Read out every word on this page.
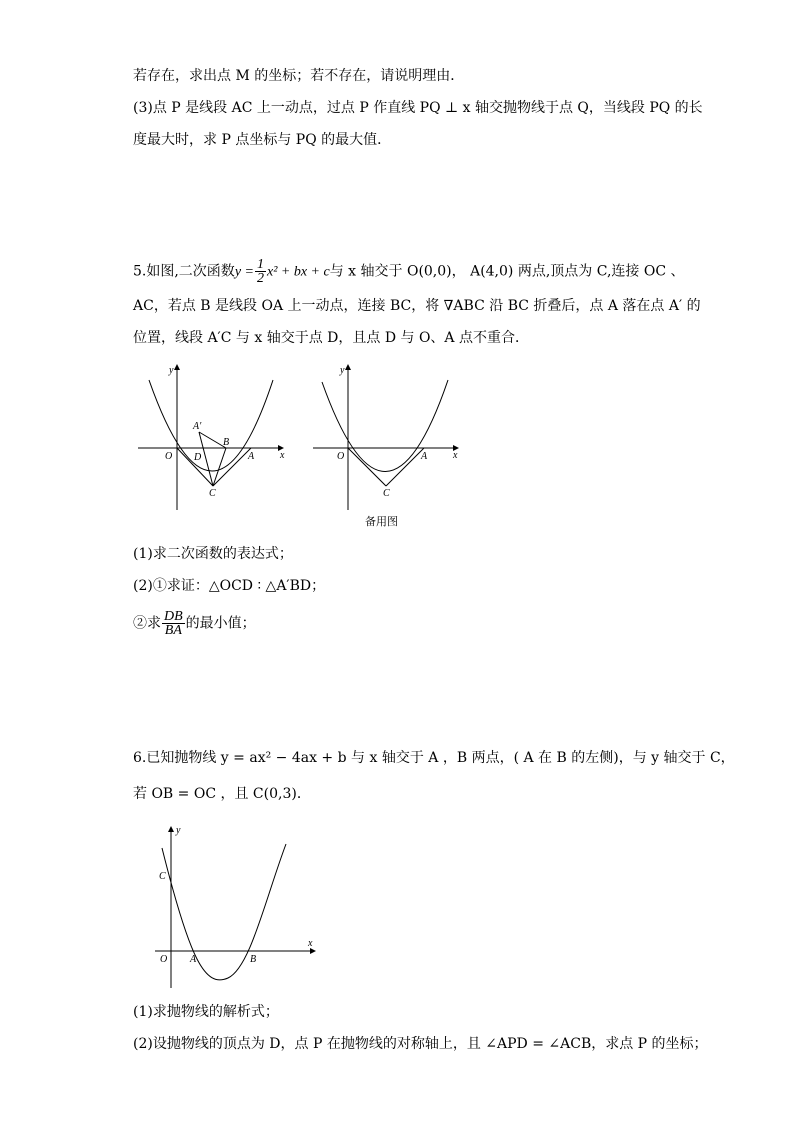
若存在，求出点 M 的坐标；若不存在，请说明理由．
(3)点 P 是线段 AC 上一动点，过点 P 作直线 PQ ⊥ x 轴交抛物线于点 Q，当线段 PQ 的长
度最大时，求 P 点坐标与 PQ 的最大值．
5.如图,二次函数$y = \frac{1}{2} x^2$ + bx + c与 x 轴交于 O(0,0)， A(4,0) 两点,顶点为 C,连接 OC 、
AC，若点 B 是线段 OA 上一动点，连接 BC，将 ∇ABC 沿 BC 折叠后，点 A 落在点 A′ 的
位置，线段 A′C 与 x 轴交于点 D，且点 D 与 O、A 点不重合．
y
x
O D	A
B
C
A′
y
x
O	A
C
备用图
(1)求二次函数的表达式；
(2)①求证：△OCD ∶ △A′BD；
②求 $\frac{DB}{BA}$ 的最小值；
6.已知抛物线 y = ax² − 4ax + b 与 x 轴交于 A ，B 两点，( A 在 B 的左侧)，与 y 轴交于 C，
若 OB = OC ，且 C(0,3)．
y
x
O A	B
C
(1)求抛物线的解析式；
(2)设抛物线的顶点为 D，点 P 在抛物线的对称轴上，且 ∠APD = ∠ACB，求点 P 的坐标；
